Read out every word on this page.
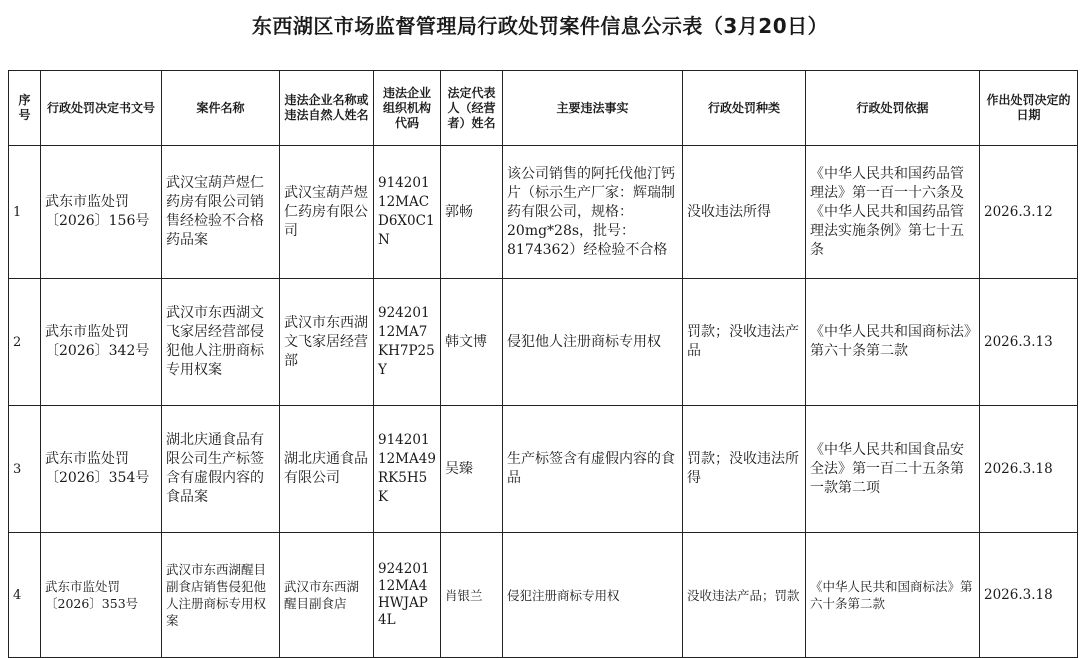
东西湖区市场监督管理局行政处罚案件信息公示表（3月20日）
序号	行政处罚决定书文号	案件名称	违法企业名称或违法自然人姓名	违法企业组织机构代码	法定代表人（经营者）姓名	主要违法事实	行政处罚种类	行政处罚依据	作出处罚决定的日期
1	武东市监处罚〔2026〕156号	武汉宝葫芦煜仁药房有限公司销售经检验不合格药品案	武汉宝葫芦煜仁药房有限公司	91420112MACD6X0C1N	郭畅	该公司销售的阿托伐他汀钙片（标示生产厂家：辉瑞制药有限公司，规格：20mg*28s，批号：8174362）经检验不合格	没收违法所得	《中华人民共和国药品管理法》第一百一十六条及《中华人民共和国药品管理法实施条例》第七十五条	2026.3.12
2	武东市监处罚〔2026〕342号	武汉市东西湖文飞家居经营部侵犯他人注册商标专用权案	武汉市东西湖文飞家居经营部	92420112MA7KH7P25Y	韩文博	侵犯他人注册商标专用权	罚款；没收违法产品	《中华人民共和国商标法》第六十条第二款	2026.3.13
3	武东市监处罚〔2026〕354号	湖北庆通食品有限公司生产标签含有虚假内容的食品案	湖北庆通食品有限公司	91420112MA49RK5H5K	吴臻	生产标签含有虚假内容的食品	罚款；没收违法所得	《中华人民共和国食品安全法》第一百二十五条第一款第二项	2026.3.18
4	武东市监处罚〔2026〕353号	武汉市东西湖醒目副食店销售侵犯他人注册商标专用权案	武汉市东西湖醒目副食店	92420112MA4HWJAP4L	肖银兰	侵犯注册商标专用权	没收违法产品；罚款	《中华人民共和国商标法》第六十条第二款	2026.3.18
